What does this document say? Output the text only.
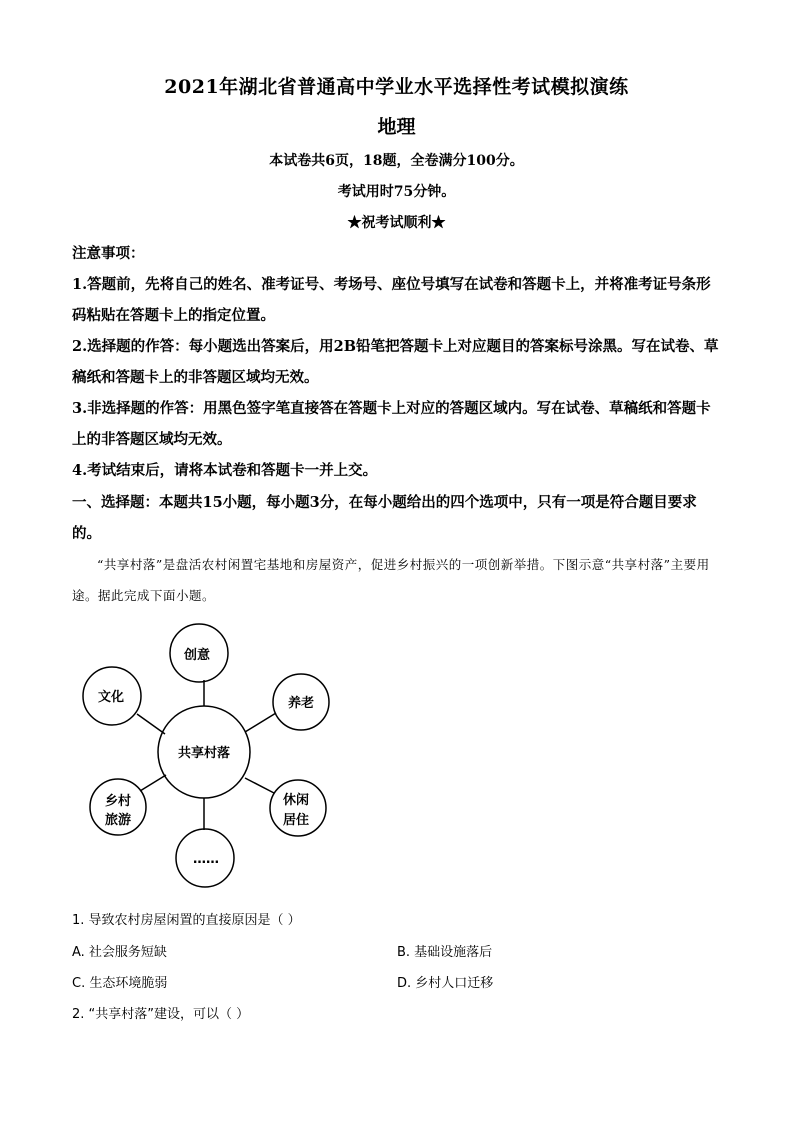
2021年湖北省普通高中学业水平选择性考试模拟演练
地理
本试卷共6页，18题，全卷满分100分。
考试用时75分钟。
★祝考试顺利★
注意事项：
1.答题前，先将自己的姓名、准考证号、考场号、座位号填写在试卷和答题卡上，并将准考证号条形码粘贴在答题卡上的指定位置。
2.选择题的作答：每小题选出答案后，用2B铅笔把答题卡上对应题目的答案标号涂黑。写在试卷、草稿纸和答题卡上的非答题区域均无效。
3.非选择题的作答：用黑色签字笔直接答在答题卡上对应的答题区域内。写在试卷、草稿纸和答题卡上的非答题区域均无效。
4.考试结束后，请将本试卷和答题卡一并上交。
一、选择题：本题共15小题，每小题3分，在每小题给出的四个选项中，只有一项是符合题目要求的。
“共享村落”是盘活农村闲置宅基地和房屋资产，促进乡村振兴的一项创新举措。下图示意“共享村落”主要用途。据此完成下面小题。
共享村落
创意
养老
休闲
居住
……
乡村
旅游
文化
1. 导致农村房屋闲置的直接原因是（ ）
A. 社会服务短缺	B. 基础设施落后
C. 生态环境脆弱	D. 乡村人口迁移
2. “共享村落”建设，可以（ ）
